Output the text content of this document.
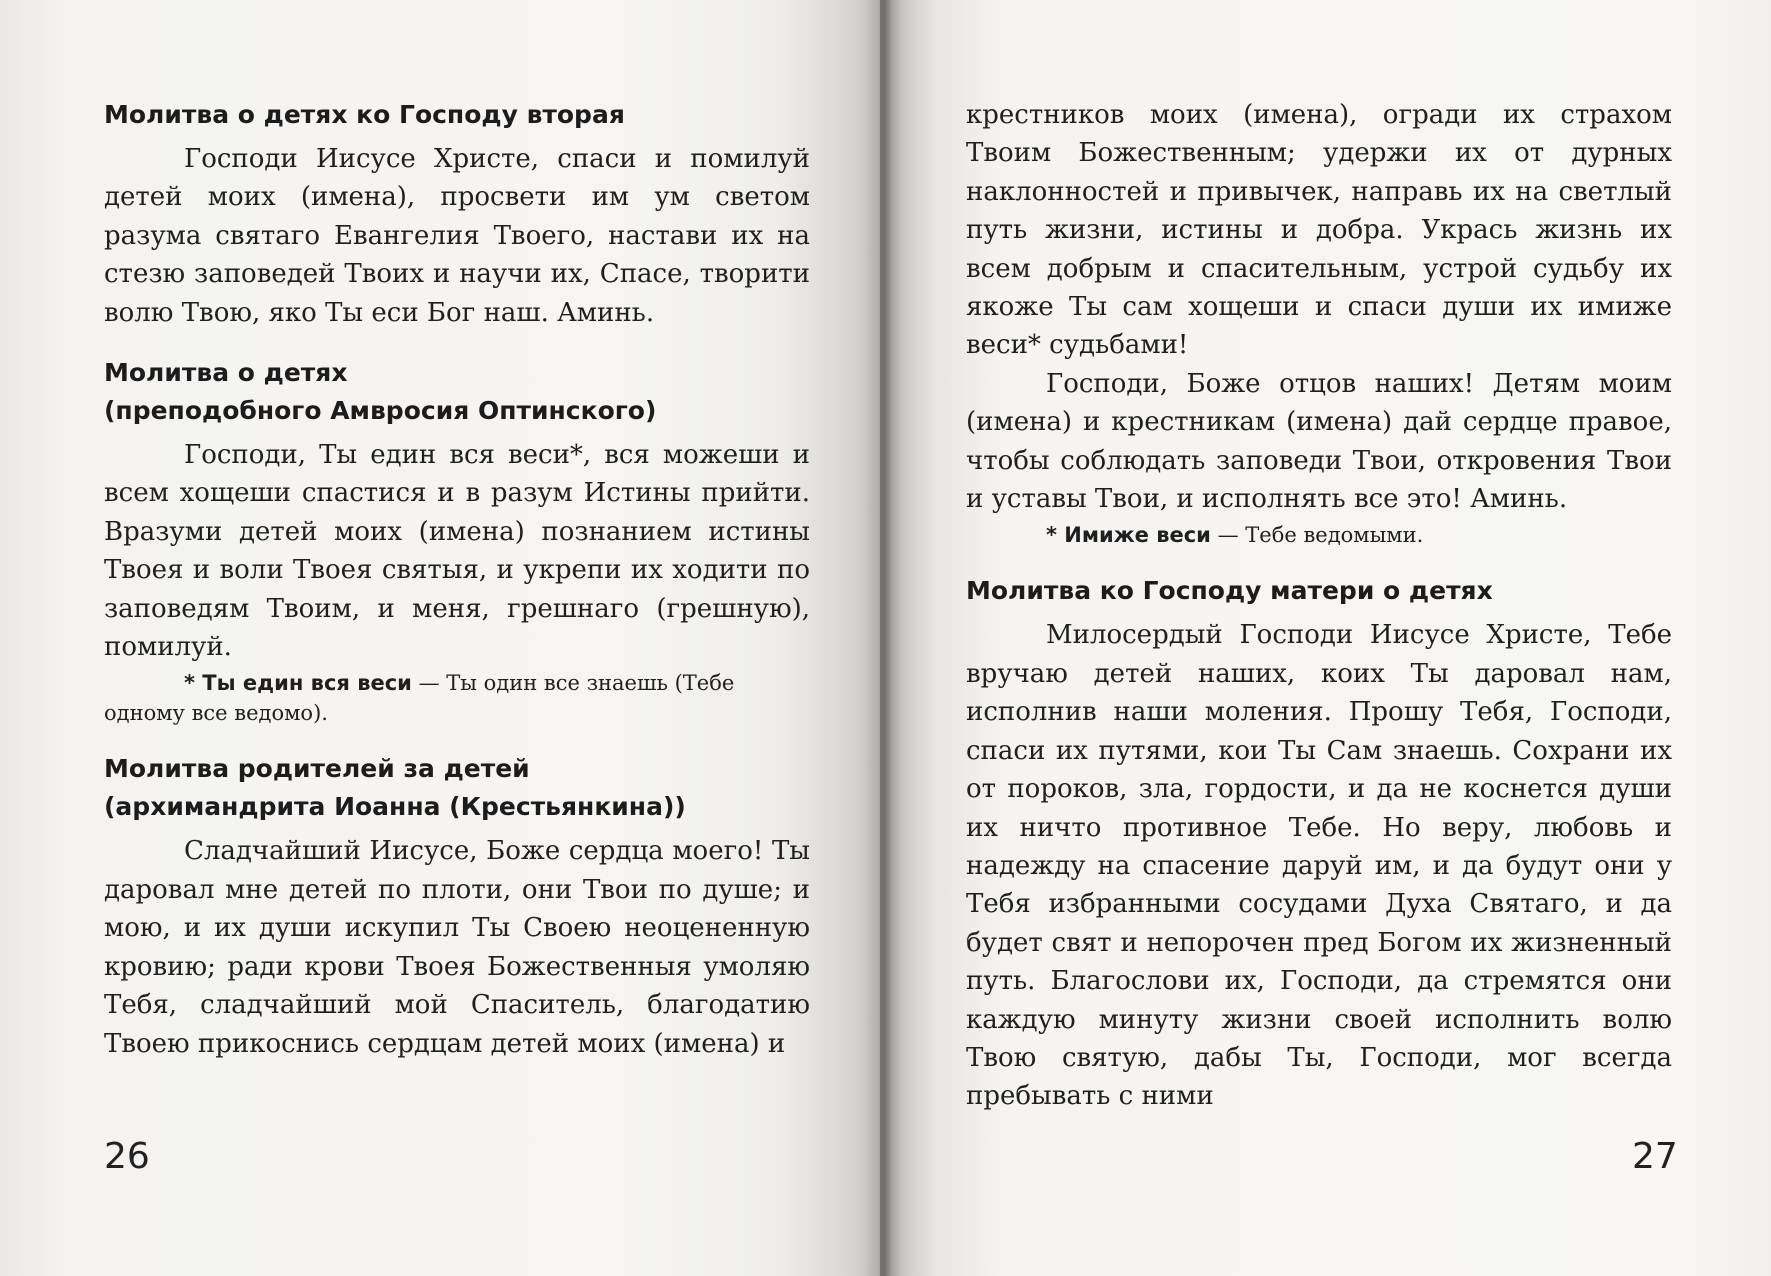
Молитва о детях ко Господу вторая

Господи Иисусе Христе, спаси и помилуй детей моих (имена), просвети им ум светом разума святаго Евангелия Твоего, настави их на стезю заповедей Твоих и научи их, Спасе, творити волю Твою, яко Ты еси Бог наш. Аминь.

Молитва о детях
(преподобного Амвросия Оптинского)

Господи, Ты един вся веси*, вся можеши и всем хощеши спастися и в разум Истины прийти. Вразуми детей моих (имена) познанием истины Твоея и воли Твоея святыя, и укрепи их ходити по заповедям Твоим, и меня, грешнаго (грешную), помилуй.

* Ты един вся веси — Ты один все знаешь (Тебе одному все ведомо).

Молитва родителей за детей
(архимандрита Иоанна (Крестьянкина))

Сладчайший Иисусе, Боже сердца моего! Ты даровал мне детей по плоти, они Твои по душе; и мою, и их души искупил Ты Своею неоцененную кровию; ради крови Твоея Божественныя умоляю Тебя, сладчайший мой Спаситель, благодатию Твоею прикоснись сердцам детей моих (имена) и

26

крестников моих (имена), огради их страхом Твоим Божественным; удержи их от дурных наклонностей и привычек, направь их на светлый путь жизни, истины и добра. Укрась жизнь их всем добрым и спасительным, устрой судьбу их якоже Ты сам хощеши и спаси души их имиже веси* судьбами!

Господи, Боже отцов наших! Детям моим (имена) и крестникам (имена) дай сердце правое, чтобы соблюдать заповеди Твои, откровения Твои и уставы Твои, и исполнять все это! Аминь.

* Имиже веси — Тебе ведомыми.

Молитва ко Господу матери о детях

Милосердый Господи Иисусе Христе, Тебе вручаю детей наших, коих Ты даровал нам, исполнив наши моления. Прошу Тебя, Господи, спаси их путями, кои Ты Сам знаешь. Сохрани их от пороков, зла, гордости, и да не коснется души их ничто противное Тебе. Но веру, любовь и надежду на спасение даруй им, и да будут они у Тебя избранными сосудами Духа Святаго, и да будет свят и непорочен пред Богом их жизненный путь. Благослови их, Господи, да стремятся они каждую минуту жизни своей исполнить волю Твою святую, дабы Ты, Господи, мог всегда пребывать с ними

27
